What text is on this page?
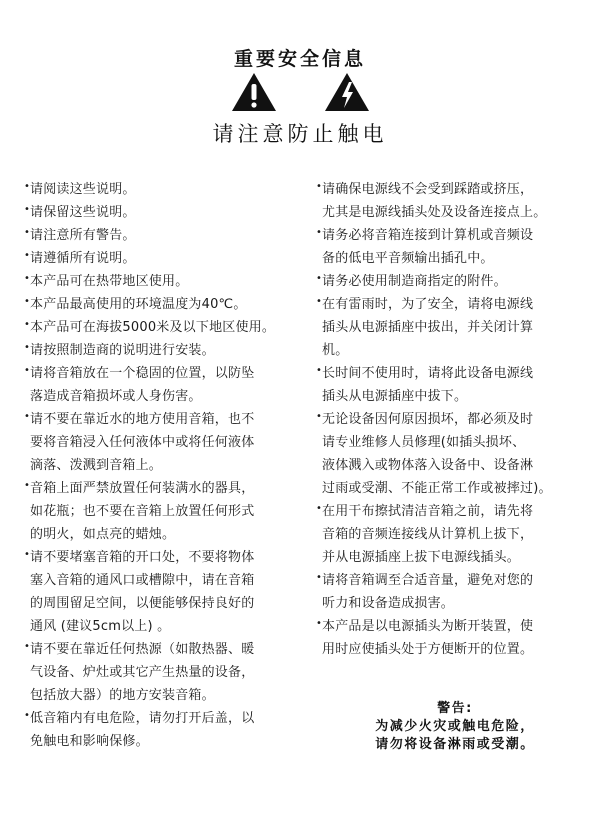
重要安全信息
请注意防止触电
• 请阅读这些说明。
• 请保留这些说明。
• 请注意所有警告。
• 请遵循所有说明。
• 本产品可在热带地区使用。
• 本产品最高使用的环境温度为40℃。
• 本产品可在海拔5000米及以下地区使用。
• 请按照制造商的说明进行安装。
• 请将音箱放在一个稳固的位置，以防坠
落造成音箱损坏或人身伤害。
• 请不要在靠近水的地方使用音箱，也不
要将音箱浸入任何液体中或将任何液体
滴落、泼溅到音箱上。
• 音箱上面严禁放置任何装满水的器具，
如花瓶；也不要在音箱上放置任何形式
的明火，如点亮的蜡烛。
• 请不要堵塞音箱的开口处，不要将物体
塞入音箱的通风口或槽隙中，请在音箱
的周围留足空间，以便能够保持良好的
通风 (建议5cm以上) 。
• 请不要在靠近任何热源（如散热器、暖
气设备、炉灶或其它产生热量的设备，
包括放大器）的地方安装音箱。
• 低音箱内有电危险，请勿打开后盖，以
免触电和影响保修。
• 请确保电源线不会受到踩踏或挤压，
尤其是电源线插头处及设备连接点上。
• 请务必将音箱连接到计算机或音频设
备的低电平音频输出插孔中。
• 请务必使用制造商指定的附件。
• 在有雷雨时，为了安全，请将电源线
插头从电源插座中拔出，并关闭计算
机。
• 长时间不使用时，请将此设备电源线
插头从电源插座中拔下。
• 无论设备因何原因损坏，都必须及时
请专业维修人员修理(如插头损坏、
液体溅入或物体落入设备中、设备淋
过雨或受潮、不能正常工作或被摔过)。
• 在用干布擦拭清洁音箱之前，请先将
音箱的音频连接线从计算机上拔下，
并从电源插座上拔下电源线插头。
• 请将音箱调至合适音量，避免对您的
听力和设备造成损害。
• 本产品是以电源插头为断开装置，使
用时应使插头处于方便断开的位置。
警告:
为减少火灾或触电危险，
请勿将设备淋雨或受潮。
